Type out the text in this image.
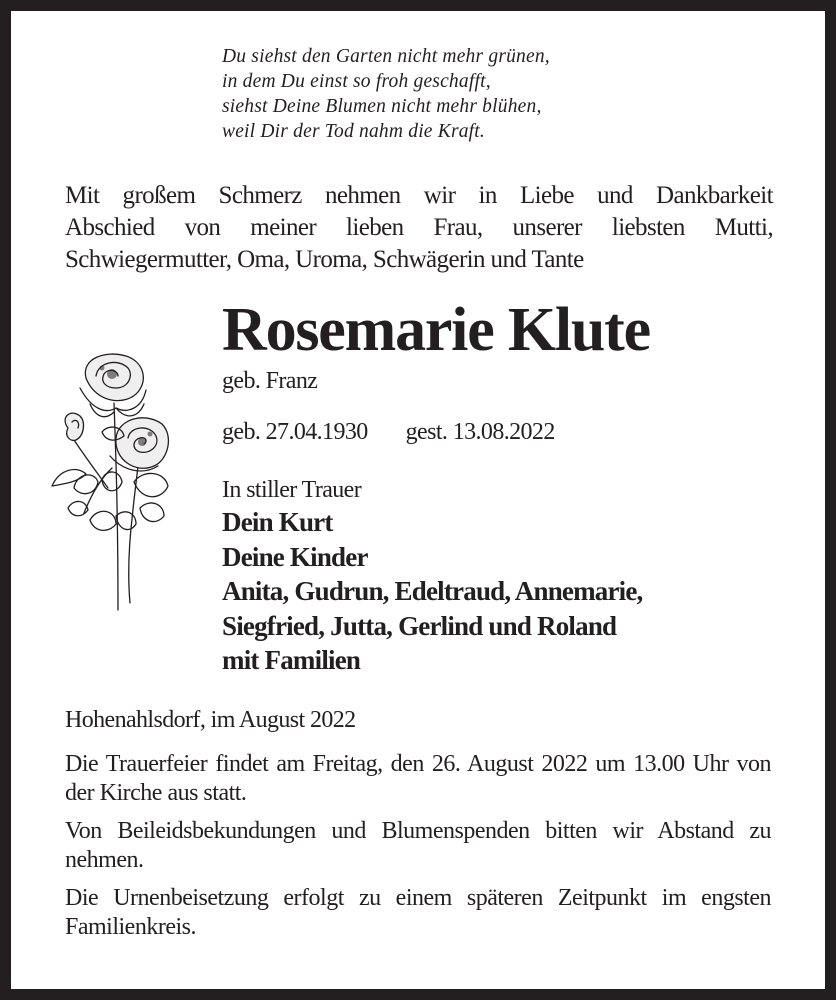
Du siehst den Garten nicht mehr grünen,
in dem Du einst so froh geschafft,
siehst Deine Blumen nicht mehr blühen,
weil Dir der Tod nahm die Kraft.
Mit großem Schmerz nehmen wir in Liebe und Dankbarkeit
Abschied von meiner lieben Frau, unserer liebsten Mutti,
Schwiegermutter, Oma, Uroma, Schwägerin und Tante
Rosemarie Klute
geb. Franz
geb. 27.04.1930 gest. 13.08.2022
In stiller Trauer
Dein Kurt
Deine Kinder
Anita, Gudrun, Edeltraud, Annemarie,
Siegfried, Jutta, Gerlind und Roland
mit Familien
Hohenahlsdorf, im August 2022
Die Trauerfeier findet am Freitag, den 26. August 2022 um 13.00 Uhr von der Kirche aus statt.
Von Beileidsbekundungen und Blumenspenden bitten wir Abstand zu nehmen.
Die Urnenbeisetzung erfolgt zu einem späteren Zeitpunkt im engsten Familienkreis.
